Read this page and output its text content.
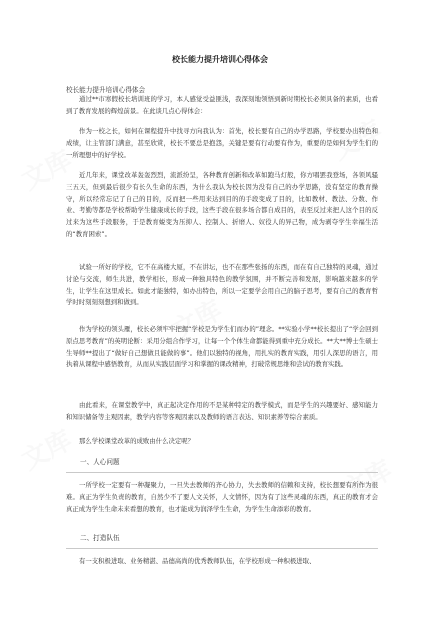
文库
文库
文库
文库
文库
校长能力提升培训心得体会
校长能力提升培训心得体会

通过**市寒假校长培训班的学习，本人感觉受益匪浅，我深刻地领悟到新时期校长必须具备的素质，也看到了教育发展的辉煌前景。在此谈几点心得体会：

作为一校之长，如何在课程提升中找寻方向我认为：首先，校长要有自己的办学思路，学校要办出特色和成绩，让主管部门满意，甚至欣赏，校长不要总是抱怨，关键是要有行动要有作为，重要的是如何为学生们的一所理想中的好学校。

近几年来，课堂改革轰轰烈烈，流派纷呈，各种教育创新和改革如跑马灯般，你方唱罢我登场，各领风骚三五天，但到最后很少有长久生命的东西，为什么我认为校长因为没有自己的办学思路，没有坚定的教育操守，所以经常忘记了自己的目的，反而把一些用来达到目的的手段变成了目的，比如教材、教法、分数、作业、考勤等都是学校帮助学生健康成长的手段，这些手段在很多场合都自成目的，表至反过来把人这个目的反过来为这些手段服务，于是教育蜕变为压抑人、控制人、折磨人、奴役人的异己物，成为剥夺学生幸福生活的“教育困索”。

试验一所好的学校，它不在高楼大厦，不在讲坛，也不在那些张扬的东西，而在有自己独特的灵魂，通过讨论与交流，师生共进，教学相长，形成一种独具特色的教学氛围，并不断完善和发展，影响越来越多的学生，让学生在这里成长。如此才能独特，如办出特色，所以一定要学会用自己的脑子思考，要有自己的教育哲学时时刻刻刻想到和做到。

作为学校的领头雁，校长必须牢牢把握“学校是为学生们而办的”理念。**实验小学**校长提出了“学会回到原点思考教育”的英明论断：采用分组合作学习，让每一个个体生命都能得到重中充分成长。**大**博士生硕士生导师**提出了“做好自己想做且能做的事”。他们以独特的视角，用扎实的教育实践，用引人深思的语言，用执着从课程中感悟教育，从而从实践层面学习和掌握的课改精神，打破常规思维和尝试的教育实践。

由此看来，在课堂教学中，真正起决定作用的不是某种特定的教学模式，而是学生的兴趣要好、感知能力和知识储备等主观因素，教学内容等客观因素以及教师的语言表达、知识素养等综合素质。

那么学校课堂改革的成败由什么决定呢？

一、人心问题

一所学校一定要有一种凝聚力，一旦失去教师的齐心协力，失去教师的信赖和支持，校长想要有所作为很难。真正为学生负责的教育，自然少不了要人文关怀，人文情怀，因为有了这些灵魂的东西，真正的教育才会真正成为学生生命未来看想的教育，也才能成为润泽学生生命，为学生生命添彩的教育。

二、打造队伍

有一支积极进取、业务精湛、品德高尚的优秀教师队伍，在学校形成一种积极进取、
